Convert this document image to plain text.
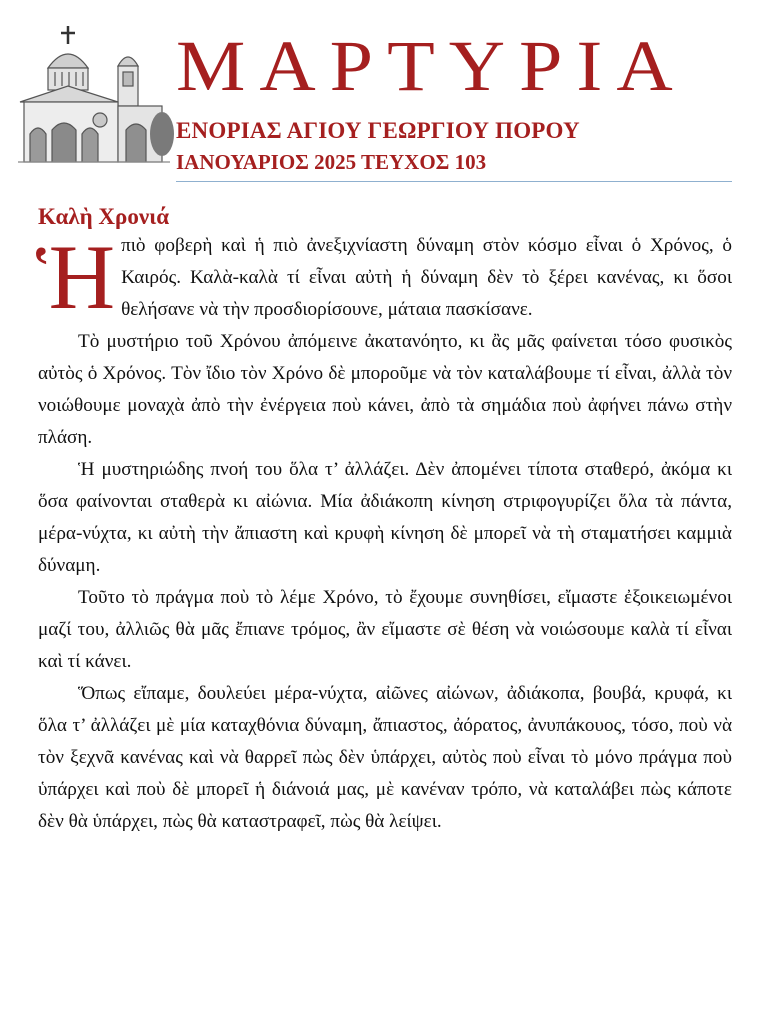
ΜΑΡΤΥΡΙΑ
ΕΝΟΡΙΑΣ ΑΓΙΟΥ ΓΕΩΡΓΙΟΥ ΠΟΡΟΥ
ΙΑΝΟΥΑΡΙΟΣ 2025 ΤΕΥΧΟΣ 103
Καλὴ Χρονιά

Ἡπιὸ φοβερὴ καὶ ἡ πιὸ ἀνεξιχνίαστη δύναμη στὸν κόσμο εἶναι ὁ Χρόνος, ὁ Καιρός. Καλὰ-καλὰ τί εἶναι αὐτὴ ἡ δύναμη δὲν τὸ ξέρει κανένας, κι ὅσοι θελήσανε νὰ τὴν προσδιορίσουνε, μάταια πασκίσανε.

Τὸ μυστήριο τοῦ Χρόνου ἀπόμεινε ἀκατανόητο, κι ἂς μᾶς φαίνεται τόσο φυσικὸς αὐτὸς ὁ Χρόνος. Τὸν ἴδιο τὸν Χρόνο δὲ μποροῦμε νὰ τὸν καταλάβουμε τί εἶναι, ἀλλὰ τὸν νοιώθουμε μοναχὰ ἀπὸ τὴν ἐνέργεια ποὺ κάνει, ἀπὸ τὰ σημάδια ποὺ ἀφήνει πάνω στὴν πλάση.

Ἡ μυστηριώδης πνοή του ὅλα τ’ ἀλλάζει. Δὲν ἀπομένει τίποτα σταθερό, ἀκόμα κι ὅσα φαίνονται σταθερὰ κι αἰώνια. Μία ἀδιάκοπη κίνηση στριφογυρίζει ὅλα τὰ πάντα, μέρα-νύχτα, κι αὐτὴ τὴν ἄπιαστη καὶ κρυφὴ κίνηση δὲ μπορεῖ νὰ τὴ σταματήσει καμμιὰ δύναμη.

Τοῦτο τὸ πράγμα ποὺ τὸ λέμε Χρόνο, τὸ ἔχουμε συνηθίσει, εἴμαστε ἐξοικειωμένοι μαζί του, ἀλλιῶς θὰ μᾶς ἔπιανε τρόμος, ἂν εἴμαστε σὲ θέση νὰ νοιώσουμε καλὰ τί εἶναι καὶ τί κάνει.

Ὅπως εἴπαμε, δουλεύει μέρα-νύχτα, αἰῶνες αἰώνων, ἀδιάκοπα, βουβά, κρυφά, κι ὅλα τ’ ἀλλάζει μὲ μία καταχθόνια δύναμη, ἄπιαστος, ἀόρατος, ἀνυπάκουος, τόσο, ποὺ νὰ τὸν ξεχνᾶ κανένας καὶ νὰ θαρρεῖ πὼς δὲν ὑπάρχει, αὐτὸς ποὺ εἶναι τὸ μόνο πράγμα ποὺ ὑπάρχει καὶ ποὺ δὲ μπορεῖ ἡ διάνοιά μας, μὲ κανέναν τρόπο, νὰ καταλάβει πὼς κάποτε δὲν θὰ ὑπάρχει, πὼς θὰ καταστραφεῖ, πὼς θὰ λείψει.
